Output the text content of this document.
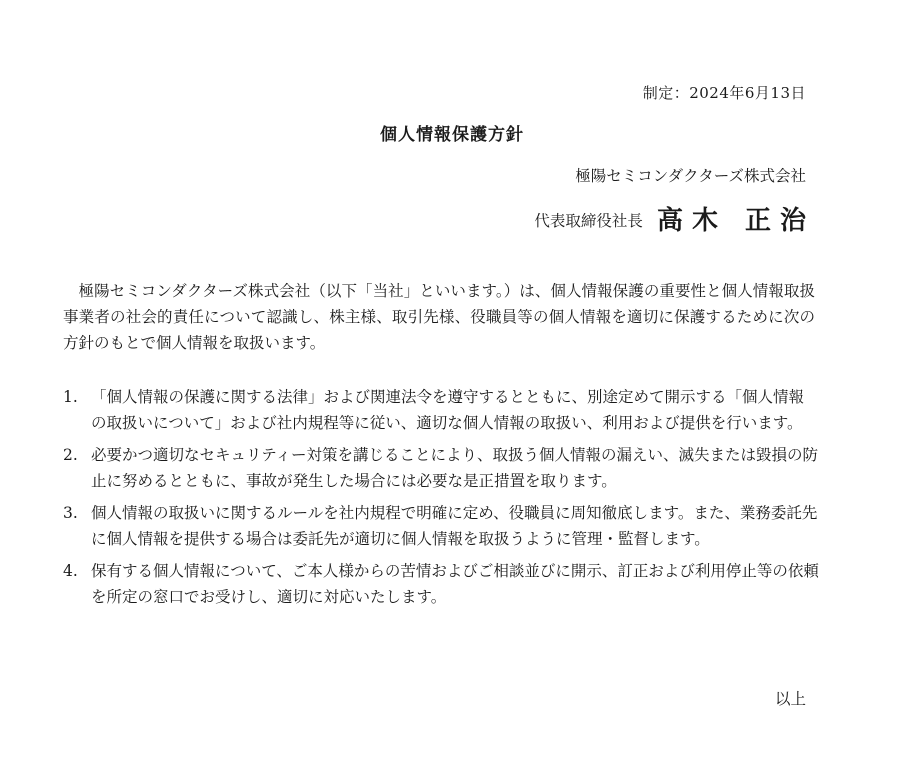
制定：2024年6月13日
個人情報保護方針
極陽セミコンダクターズ株式会社
代表取締役社長 高木 正治

極陽セミコンダクターズ株式会社（以下「当社」といいます。）は、個人情報保護の重要性と個人情報取扱事業者の社会的責任について認識し、株主様、取引先様、役職員等の個人情報を適切に保護するために次の方針のもとで個人情報を取扱います。

1. 「個人情報の保護に関する法律」および関連法令を遵守するとともに、別途定めて開示する「個人情報の取扱いについて」および社内規程等に従い、適切な個人情報の取扱い、利用および提供を行います。
2. 必要かつ適切なセキュリティー対策を講じることにより、取扱う個人情報の漏えい、滅失または毀損の防止に努めるとともに、事故が発生した場合には必要な是正措置を取ります。
3. 個人情報の取扱いに関するルールを社内規程で明確に定め、役職員に周知徹底します。また、業務委託先に個人情報を提供する場合は委託先が適切に個人情報を取扱うように管理・監督します。
4. 保有する個人情報について、ご本人様からの苦情およびご相談並びに開示、訂正および利用停止等の依頼を所定の窓口でお受けし、適切に対応いたします。
以上
